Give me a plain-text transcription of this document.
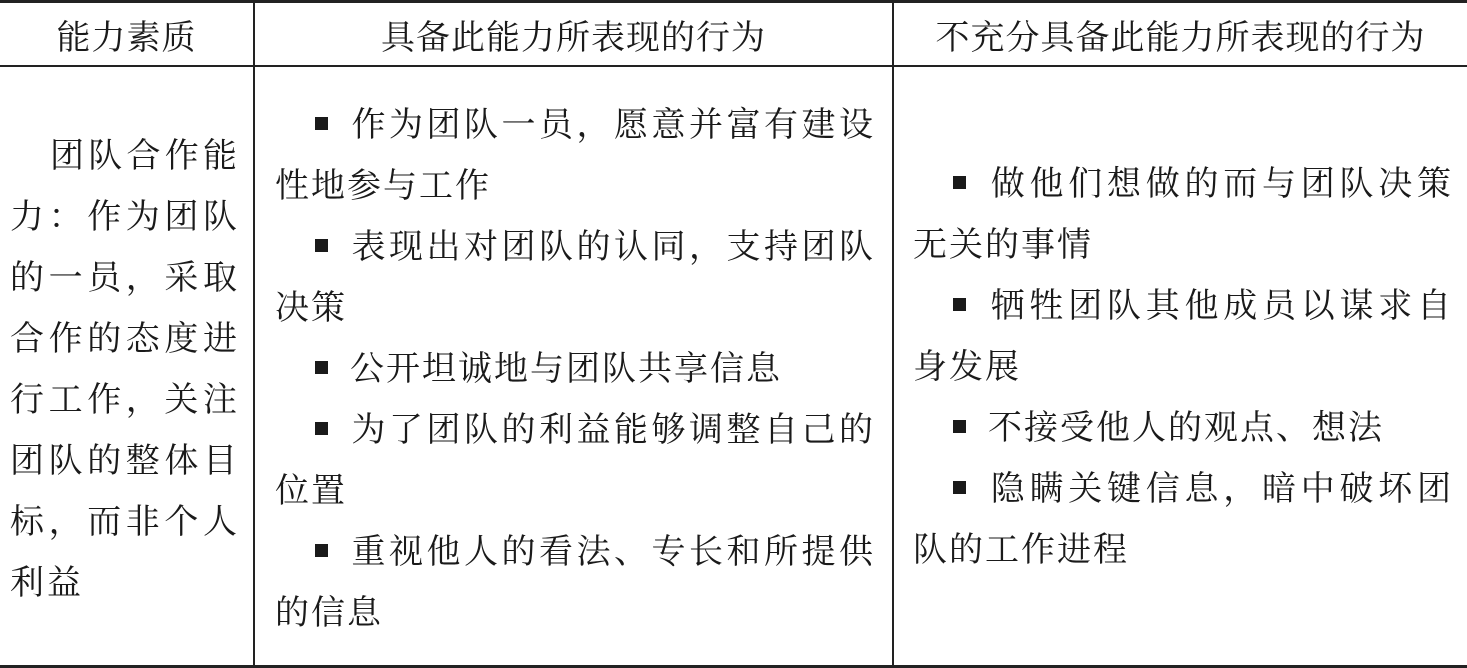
能力素质	具备此能力所表现的行为	不充分具备此能力所表现的行为
团队合作能力：作为团队的一员，采取合作的态度进行工作，关注团队的整体目标，而非个人利益
作为团队一员，愿意并富有建设性地参与工作
表现出对团队的认同，支持团队决策
公开坦诚地与团队共享信息
为了团队的利益能够调整自己的位置
重视他人的看法、专长和所提供的信息
做他们想做的而与团队决策无关的事情
牺牲团队其他成员以谋求自身发展
不接受他人的观点、想法
隐瞒关键信息，暗中破坏团队的工作进程
